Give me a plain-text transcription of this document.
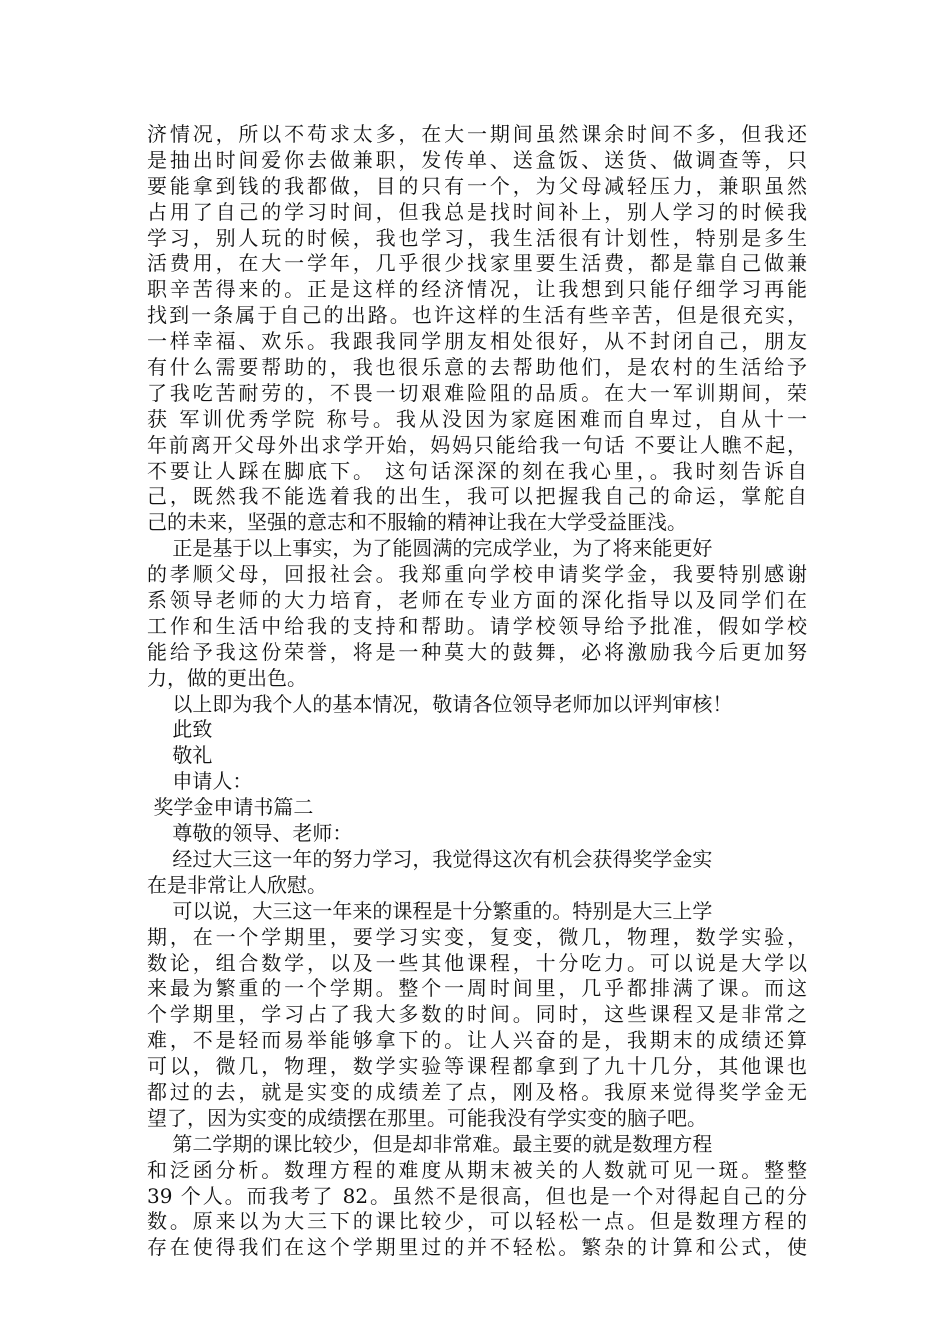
济情况，所以不苟求太多，在大一期间虽然课余时间不多，但我还
是抽出时间爱你去做兼职，发传单、送盒饭、送货、做调查等，只
要能拿到钱的我都做，目的只有一个，为父母减轻压力，兼职虽然
占用了自己的学习时间，但我总是找时间补上，别人学习的时候我
学习，别人玩的时候，我也学习，我生活很有计划性，特别是多生
活费用，在大一学年，几乎很少找家里要生活费，都是靠自己做兼
职辛苦得来的。正是这样的经济情况，让我想到只能仔细学习再能
找到一条属于自己的出路。也许这样的生活有些辛苦，但是很充实，
一样幸福、欢乐。我跟我同学朋友相处很好，从不封闭自己，朋友
有什么需要帮助的，我也很乐意的去帮助他们，是农村的生活给予
了我吃苦耐劳的，不畏一切艰难险阻的品质。在大一军训期间，荣
获 军训优秀学院 称号。我从没因为家庭困难而自卑过，自从十一
年前离开父母外出求学开始，妈妈只能给我一句话 不要让人瞧不起，
不要让人踩在脚底下。 这句话深深的刻在我心里，。我时刻告诉自
己，既然我不能选着我的出生，我可以把握我自己的命运，掌舵自
己的未来，坚强的意志和不服输的精神让我在大学受益匪浅。
正是基于以上事实，为了能圆满的完成学业，为了将来能更好
的孝顺父母，回报社会。我郑重向学校申请奖学金，我要特别感谢
系领导老师的大力培育，老师在专业方面的深化指导以及同学们在
工作和生活中给我的支持和帮助。请学校领导给予批准，假如学校
能给予我这份荣誉，将是一种莫大的鼓舞，必将激励我今后更加努
力，做的更出色。
以上即为我个人的基本情况，敬请各位领导老师加以评判审核！
此致
敬礼
申请人：
奖学金申请书篇二
尊敬的领导、老师：
经过大三这一年的努力学习，我觉得这次有机会获得奖学金实
在是非常让人欣慰。
可以说，大三这一年来的课程是十分繁重的。特别是大三上学
期，在一个学期里，要学习实变，复变，微几，物理，数学实验，
数论，组合数学，以及一些其他课程，十分吃力。可以说是大学以
来最为繁重的一个学期。整个一周时间里，几乎都排满了课。而这
个学期里，学习占了我大多数的时间。同时，这些课程又是非常之
难，不是轻而易举能够拿下的。让人兴奋的是，我期末的成绩还算
可以，微几，物理，数学实验等课程都拿到了九十几分，其他课也
都过的去，就是实变的成绩差了点，刚及格。我原来觉得奖学金无
望了，因为实变的成绩摆在那里。可能我没有学实变的脑子吧。
第二学期的课比较少，但是却非常难。最主要的就是数理方程
和泛函分析。数理方程的难度从期末被关的人数就可见一斑。整整
39 个人。而我考了 82。虽然不是很高，但也是一个对得起自己的分
数。原来以为大三下的课比较少，可以轻松一点。但是数理方程的
存在使得我们在这个学期里过的并不轻松。繁杂的计算和公式，使
